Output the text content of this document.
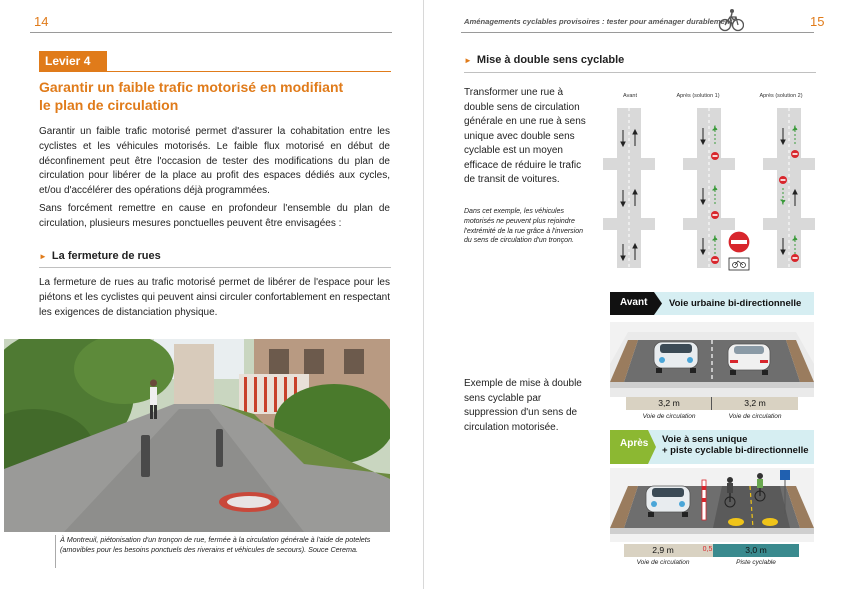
14
Levier 4
Garantir un faible trafic motorisé en modifiant
le plan de circulation

Garantir un faible trafic motorisé permet d'assurer la cohabitation entre les cyclistes et les véhicules motorisés. Le faible flux motorisé en début de déconfinement peut être l'occasion de tester des modifications du plan de circulation pour libérer de la place au profit des espaces dédiés aux cycles, et/ou d'accélérer des opérations déjà programmées.

Sans forcément remettre en cause en profondeur l'ensemble du plan de circulation, plusieurs mesures ponctuelles peuvent être envisagées :

► La fermeture de rues

La fermeture de rues au trafic motorisé permet de libérer de l'espace pour les piétons et les cyclistes qui peuvent ainsi circuler confortablement en respectant les exigences de distanciation physique.

À Montreuil, piétonisation d'un tronçon de rue, fermée à la circulation générale à l'aide de potelets (amovibles pour les besoins ponctuels des riverains et véhicules de secours). Souce Cerema.
Aménagements cyclables provisoires : tester pour aménager durablement	15
► Mise à double sens cyclable
Transformer une rue à double sens de circulation générale en une rue à sens unique avec double sens cyclable est un moyen efficace de réduire le trafic de transit de voitures.
Dans cet exemple, les véhicules motorisés ne peuvent plus rejoindre l'extrémité de la rue grâce à l'inversion du sens de circulation d'un tronçon.
Avant	Après (solution 1)	Après (solution 2)
Exemple de mise à double sens cyclable par suppression d'un sens de circulation motorisée.
Avant	Voie urbaine bi-directionnelle
3,2 m	3,2 m
Voie de circulation	Voie de circulation
Après	Voie à sens unique
+ piste cyclable bi-directionnelle
2,9 m	0,5	3,0 m
Voie de circulation	Piste cyclable
